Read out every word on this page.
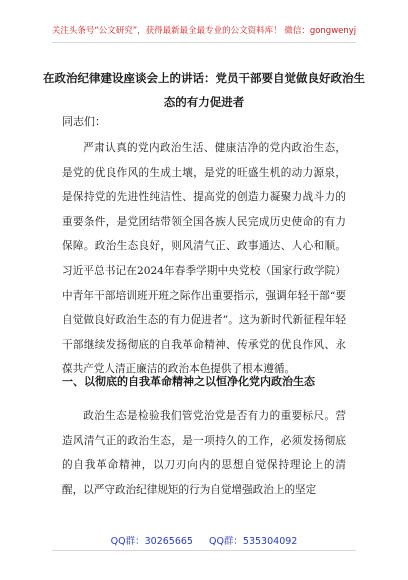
关注头条号“公文研究”，获得最新最全最专业的公文资料库！ 微信：gongwenyj
在政治纪律建设座谈会上的讲话：党员干部要自觉做良好政治生态的有力促进者
同志们：
严肃认真的党内政治生活、健康洁净的党内政治生态，是党的优良作风的生成土壤，是党的旺盛生机的动力源泉，是保持党的先进性纯洁性、提高党的创造力凝聚力战斗力的重要条件，是党团结带领全国各族人民完成历史使命的有力保障。政治生态良好，则风清气正、政事通达、人心和顺。习近平总书记在2024年春季学期中央党校（国家行政学院）中青年干部培训班开班之际作出重要指示，强调年轻干部“要自觉做良好政治生态的有力促进者”。这为新时代新征程年轻干部继续发扬彻底的自我革命精神、传承党的优良作风、永葆共产党人清正廉洁的政治本色提供了根本遵循。
一、以彻底的自我革命精神之以恒净化党内政治生态
政治生态是检验我们管党治党是否有力的重要标尺。营造风清气正的政治生态，是一项持久的工作，必须发扬彻底的自我革命精神，以刀刃向内的思想自觉保持理论上的清醒，以严守政治纪律规矩的行为自觉增强政治上的坚定
QQ群：30265665 QQ群：535304092
